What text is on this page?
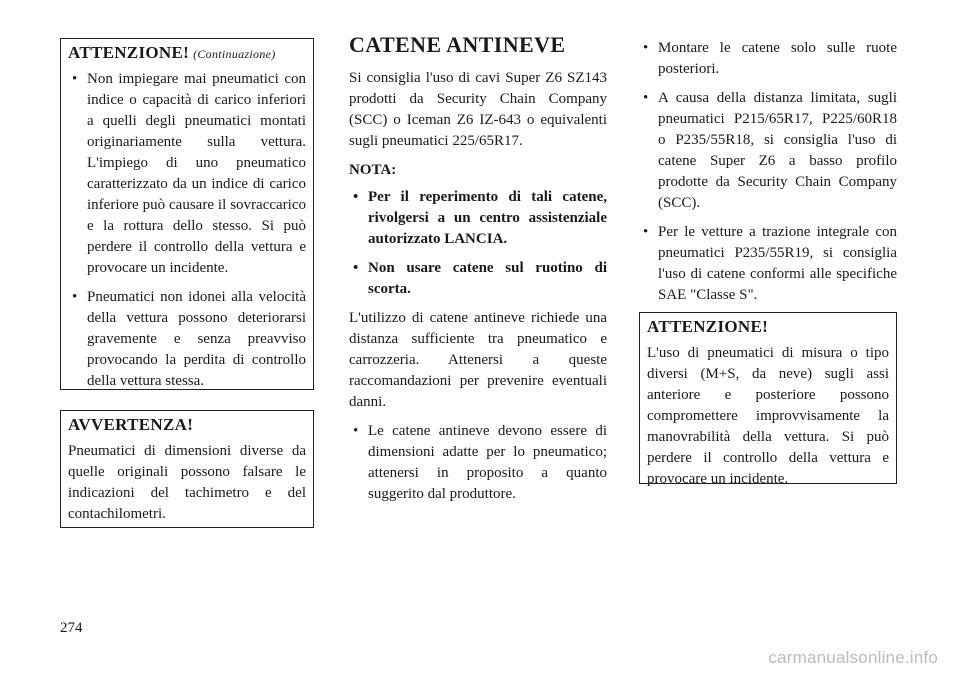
ATTENZIONE! (Continuazione)
• Non impiegare mai pneumatici con indice o capacità di carico inferiori a quelli degli pneumatici montati originariamente sulla vettura. L'impiego di uno pneumatico caratterizzato da un indice di carico inferiore può causare il sovraccarico e la rottura dello stesso. Si può perdere il controllo della vettura e provocare un incidente.
• Pneumatici non idonei alla velocità della vettura possono deteriorarsi gravemente e senza preavviso provocando la perdita di controllo della vettura stessa.
AVVERTENZA!

Pneumatici di dimensioni diverse da quelle originali possono falsare le indicazioni del tachimetro e del contachilometri.

CATENE ANTINEVE

Si consiglia l'uso di cavi Super Z6 SZ143 prodotti da Security Chain Company (SCC) o Iceman Z6 IZ-643 o equivalenti sugli pneumatici 225/65R17.

NOTA:

• Per il reperimento di tali catene, rivolgersi a un centro assistenziale autorizzato LANCIA.
• Non usare catene sul ruotino di scorta.

L'utilizzo di catene antineve richiede una distanza sufficiente tra pneumatico e carrozzeria. Attenersi a queste raccomandazioni per prevenire eventuali danni.

• Le catene antineve devono essere di dimensioni adatte per lo pneumatico; attenersi in proposito a quanto suggerito dal produttore.
• Montare le catene solo sulle ruote posteriori.
• A causa della distanza limitata, sugli pneumatici P215/65R17, P225/60R18 o P235/55R18, si consiglia l'uso di catene Super Z6 a basso profilo prodotte da Security Chain Company (SCC).
• Per le vetture a trazione integrale con pneumatici P235/55R19, si consiglia l'uso di catene conformi alle specifiche SAE "Classe S".
ATTENZIONE!

L'uso di pneumatici di misura o tipo diversi (M+S, da neve) sugli assi anteriore e posteriore possono compromettere improvvisamente la manovrabilità della vettura. Si può perdere il controllo della vettura e provocare un incidente.

274
carmanualsonline.info
